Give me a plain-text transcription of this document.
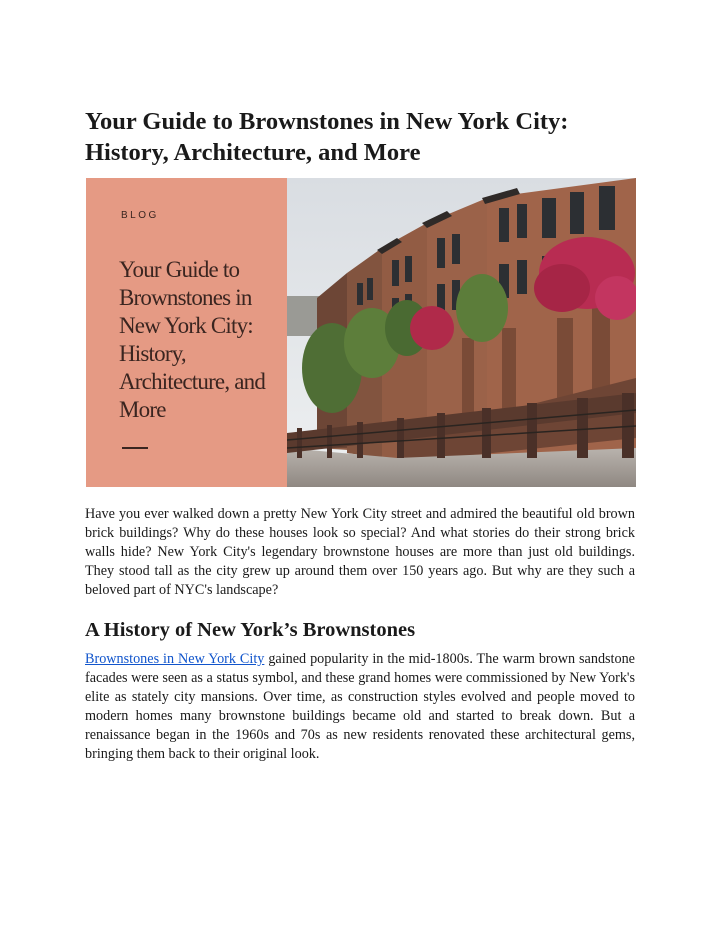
Your Guide to Brownstones in New York City: History, Architecture, and More
BLOG
Your Guide to Brownstones in New York City: History, Architecture, and More

Have you ever walked down a pretty New York City street and admired the beautiful old brown brick buildings? Why do these houses look so special? And what stories do their strong brick walls hide? New York City's legendary brownstone houses are more than just old buildings. They stood tall as the city grew up around them over 150 years ago. But why are they such a beloved part of NYC's landscape?

A History of New York’s Brownstones

Brownstones in New York City gained popularity in the mid-1800s. The warm brown sandstone facades were seen as a status symbol, and these grand homes were commissioned by New York's elite as stately city mansions. Over time, as construction styles evolved and people moved to modern homes many brownstone buildings became old and started to break down. But a renaissance began in the 1960s and 70s as new residents renovated these architectural gems, bringing them back to their original look.
